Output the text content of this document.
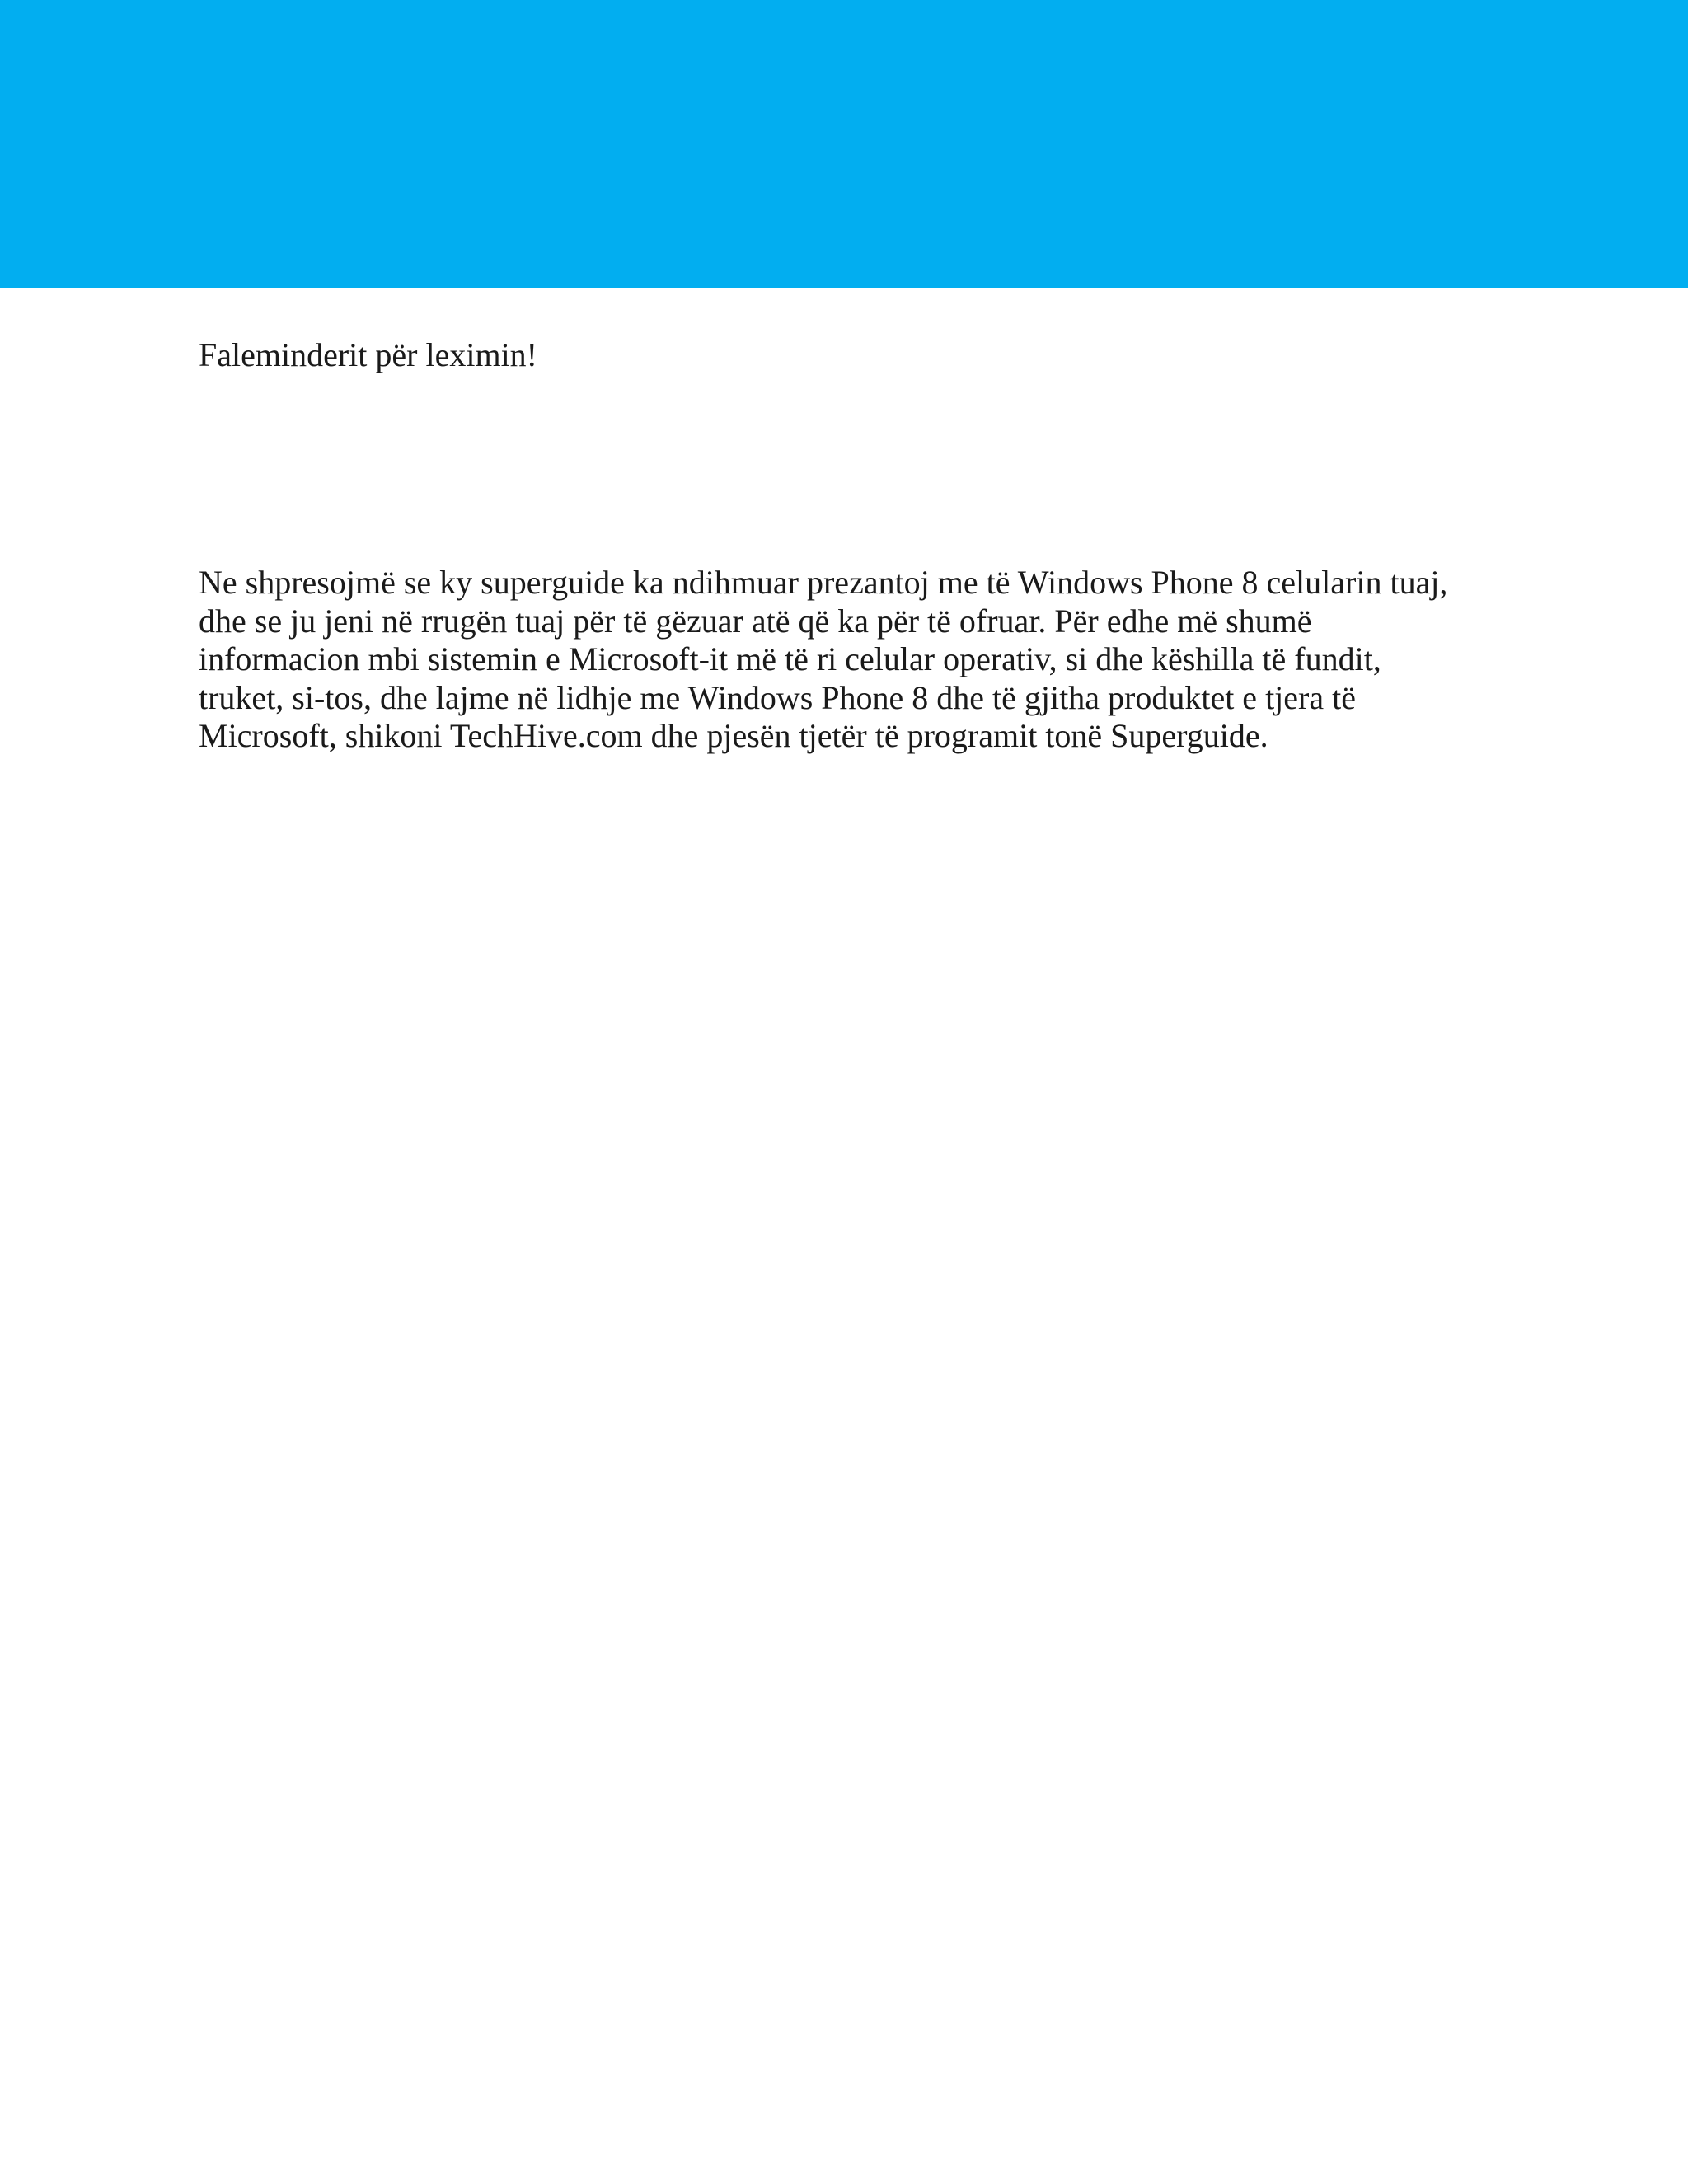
Faleminderit për leximin!

Ne shpresojmë se ky superguide ka ndihmuar prezantoj me të Windows Phone 8 celularin tuaj,
dhe se ju jeni në rrugën tuaj për të gëzuar atë që ka për të ofruar. Për edhe më shumë
informacion mbi sistemin e Microsoft-it më të ri celular operativ, si dhe këshilla të fundit,
truket, si-tos, dhe lajme në lidhje me Windows Phone 8 dhe të gjitha produktet e tjera të
Microsoft, shikoni TechHive.com dhe pjesën tjetër të programit tonë Superguide.
